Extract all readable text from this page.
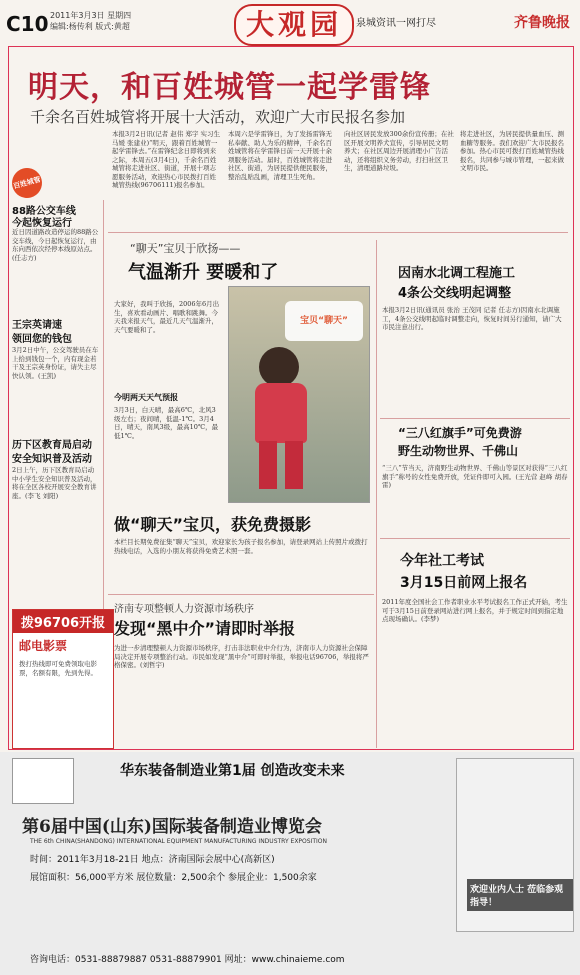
C10 2011年3月3日 星期四
编辑:杨传利 版式:黄超	大观园	泉城资讯一网打尽	齐鲁晚报
明天，和百姓城管一起学雷锋
千余名百姓城管将开展十大活动，欢迎广大市民报名参加
百姓城管
本报3月2日讯(记者 赵伟 郑宇 实习生 马媛 张建业)“明天，跟着百姓城管一起学雷锋去。”在雷锋纪念日即将到来之际，本周五(3月4日)，千余名百姓城管将走进社区、街道，开展十项志愿服务活动，欢迎热心市民拨打百姓城管热线(96706111)报名参加。
本周六是学雷锋日，为了发扬雷锋无私奉献、助人为乐的精神，千余名百姓城管将在学雷锋日前一天开展十余项服务活动。届时，百姓城管将走进社区、街道，为居民提供便民服务，整治乱贴乱画，清理卫生死角。
向社区居民发放300余份宣传册；在社区开展文明养犬宣传，引导居民文明养犬；在社区周边开展清理小广告活动，还将组织义务劳动，打扫社区卫生，清理道路垃圾。
将走进社区，为居民提供量血压、测血糖等服务。我们欢迎广大市民报名参加。热心市民可拨打百姓城管热线报名，共同参与城市管理，一起来做文明市民。
88路公交车线
今起恢复运行
近日因道路改造停运的88路公交车线，今日起恢复运行，由东向西依次经停本线原站点。(任志方)
王宗英请速
领回您的钱包
3月2日中午，公交驾驶员在车上拾到钱包一个，内有现金若干及王宗英身份证，请失主尽快认领。(王凯)
历下区教育局启动
安全知识普及活动
2日上午，历下区教育局启动中小学生安全知识普及活动，将在全区各校开展安全教育讲座。(李飞 刘阳)
拨96706开报
邮电影票
拨打热线即可免费领取电影票，名额有限，先到先得。
“聊天”宝贝于欣扬——
气温渐升 要暖和了
大家好，我叫于欣扬，2006年6月出生，喜欢看动画片、唱歌和跳舞。今天我来报天气，最近几天气温渐升，天气要暖和了。
今明两天天气预报
3月3日，白天晴，最高6℃，北风3级左右；夜间晴，低温-1℃。3月4日，晴天，南风3级，最高10℃，最低1℃。
宝贝“聊天”
做“聊天”宝贝，获免费摄影
本栏目长期免费征集“聊天”宝贝，欢迎家长为孩子报名参加，请登录网站上传照片或拨打热线电话，入选的小朋友将获得免费艺术照一套。
济南专项整顿人力资源市场秩序
发现“黑中介”请即时举报
为进一步清理整顿人力资源市场秩序，打击非法职业中介行为，济南市人力资源社会保障局决定开展专项整治行动。市民如发现“黑中介”可即时举报，举报电话96706，举报将严格保密。(刘哲宇)
因南水北调工程施工
4条公交线明起调整
本报3月2日讯(通讯员 张治 王茂同 记者 任志方)因南水北调施工，4条公交线明起临时调整走向，恢复时间另行通知，请广大市民注意出行。
“三八红旗手”可免费游
野生动物世界、千佛山
“三八”节当天，济南野生动物世界、千佛山等景区对获得“三八红旗手”称号的女性免费开放，凭证件即可入园。(王光营 赵峰 胡春雷)
今年社工考试
3月15日前网上报名
2011年度全国社会工作者职业水平考试报名工作正式开始，考生可于3月15日前登录网站进行网上报名，并于规定时间到指定地点现场确认。(李梦)
华东装备制造业第1届 创造改变未来
第6届中国(山东)国际装备制造业博览会
THE 6th CHINA(SHANDONG) INTERNATIONAL EQUIPMENT MANUFACTURING INDUSTRY EXPOSITION
时间：2011年3月18-21日 地点：济南国际会展中心(高新区)
展馆面积：56,000平方米 展位数量：2,500余个 参展企业：1,500余家
欢迎业内人士 莅临参观指导！
咨询电话：0531-88879887 0531-88879901 网址：www.chinaieme.com
